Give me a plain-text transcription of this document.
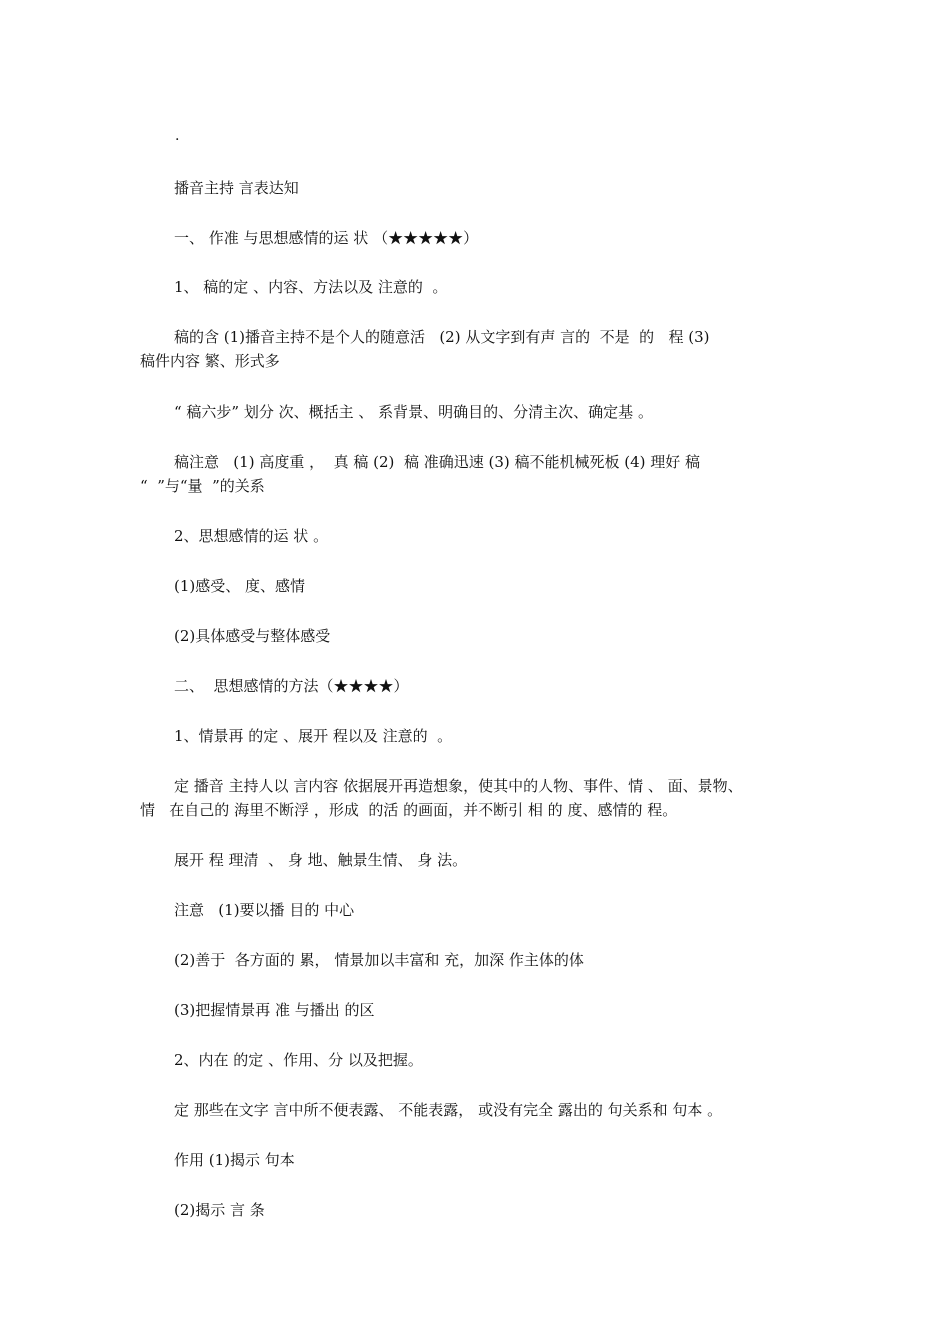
.

播音主持 言表达知

一、 作准 与思想感情的运 状 （★★★★★）

1、 稿的定 、内容、方法以及 注意的  。

稿的含 (1)播音主持不是个人的随意活   (2) 从文字到有声 言的  不是  的   程 (3)

稿件内容 繁、形式多

“ 稿六步” 划分 次、概括主 、 系背景、明确目的、分清主次、确定基 。

稿注意   (1) 高度重 ，  真 稿 (2)  稿 准确迅速 (3) 稿不能机械死板 (4) 理好 稿

“  ”与“量  ”的关系

2、思想感情的运 状 。

(1)感受、 度、感情

(2)具体感受与整体感受

二、  思想感情的方法（★★★★）

1、情景再 的定 、展开 程以及 注意的  。

定 播音 主持人以 言内容 依据展开再造想象，使其中的人物、事件、情 、 面、景物、

情   在自己的 海里不断浮 ，形成  的活 的画面，并不断引 相 的 度、感情的 程。

展开 程 理清  、 身 地、触景生情、 身 法。

注意   (1)要以播 目的 中心

(2)善于  各方面的 累， 情景加以丰富和 充，加深 作主体的体

(3)把握情景再 准 与播出 的区

2、内在 的定 、作用、分 以及把握。

定 那些在文字 言中所不便表露、 不能表露， 或没有完全 露出的 句关系和 句本 。

作用 (1)揭示 句本

(2)揭示 言 条
